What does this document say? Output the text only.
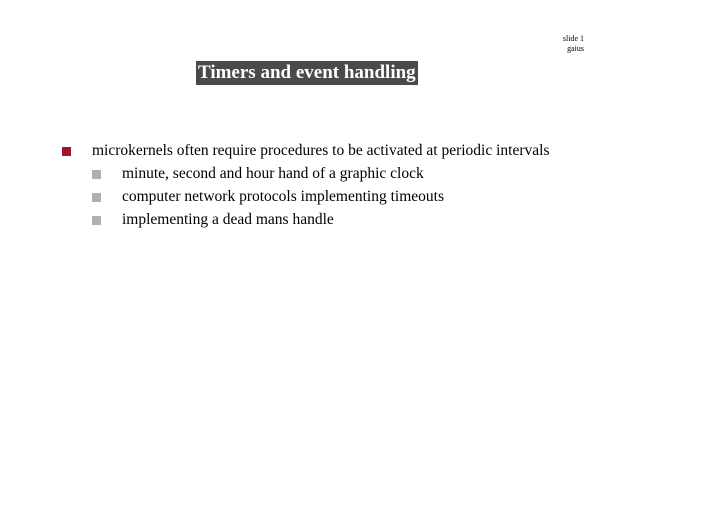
slide 1
gaius
Timers and event handling
microkernels often require procedures to be activated at periodic intervals
minute, second and hour hand of a graphic clock
computer network protocols implementing timeouts
implementing a dead mans handle
